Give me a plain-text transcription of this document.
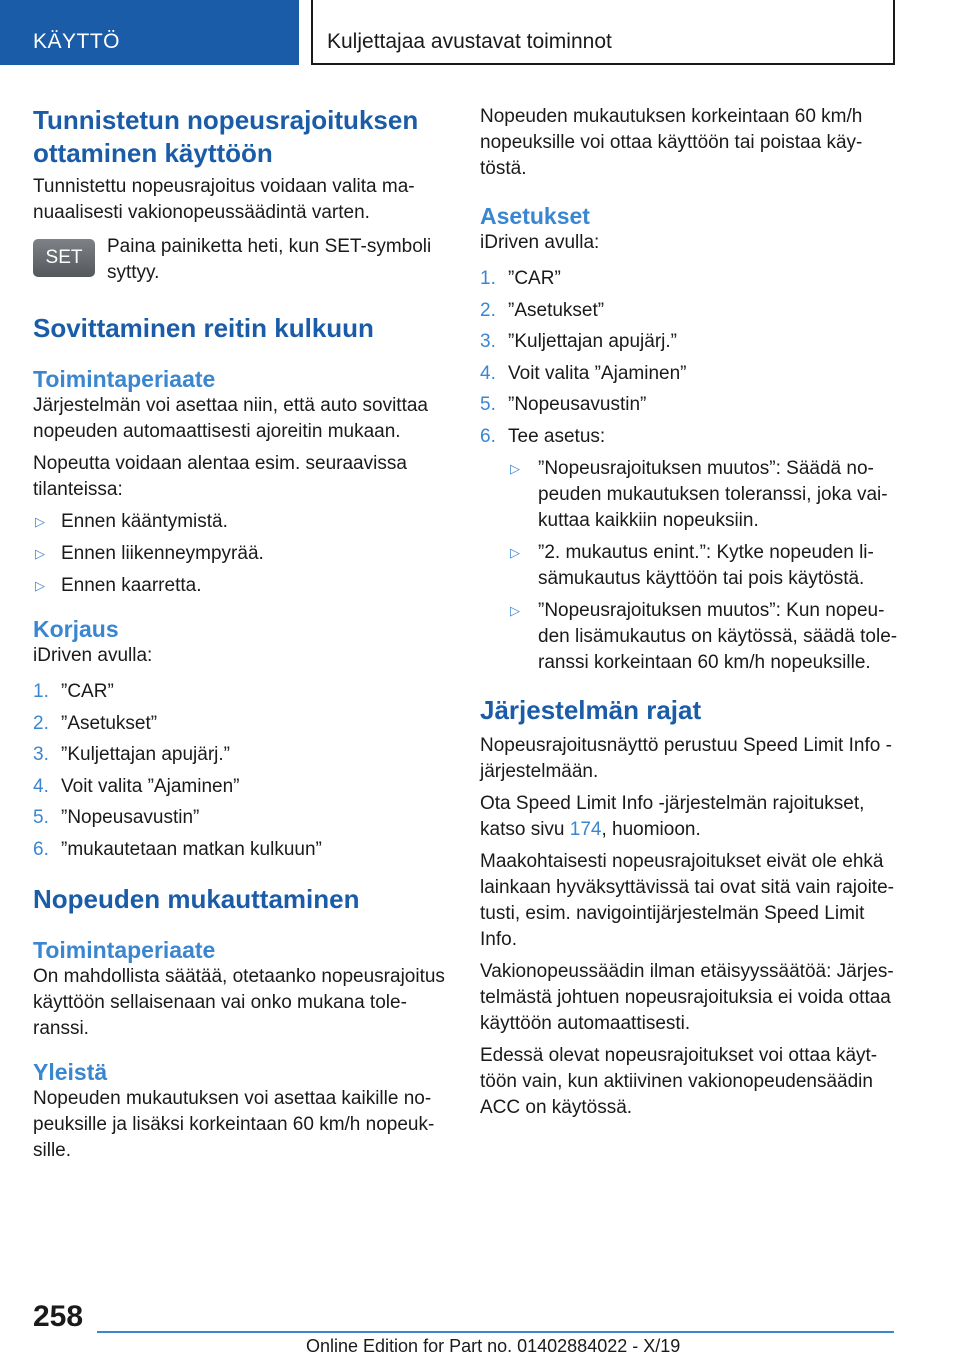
KÄYTTÖ	Kuljettajaa avustavat toiminnot
Tunnistetun nopeusrajoituksen ottaminen käyttöön

Tunnistettu nopeusrajoitus voidaan valita manuaalisesti vakionopeussäädintä varten.

SET
Paina painiketta heti, kun SET-symboli syttyy.
Sovittaminen reitin kulkuun
Toimintaperiaate

Järjestelmän voi asettaa niin, että auto sovittaa nopeuden automaattisesti ajoreitin mukaan.

Nopeutta voidaan alentaa esim. seuraavissa tilanteissa:

▷ Ennen kääntymistä.
▷ Ennen liikenneympyrää.
▷ Ennen kaarretta.
Korjaus

iDriven avulla:

1. ”CAR”
2. ”Asetukset”
3. ”Kuljettajan apujärj.”
4. Voit valita ”Ajaminen”
5. ”Nopeusavustin”
6. ”mukautetaan matkan kulkuun”
Nopeuden mukauttaminen
Toimintaperiaate

On mahdollista säätää, otetaanko nopeusrajoitus käyttöön sellaisenaan vai onko mukana toleranssi.

Yleistä

Nopeuden mukautuksen voi asettaa kaikille nopeuksille ja lisäksi korkeintaan 60 km/h nopeuksille.

Nopeuden mukautuksen korkeintaan 60 km/h nopeuksille voi ottaa käyttöön tai poistaa käytöstä.

Asetukset

iDriven avulla:

1. ”CAR”
2. ”Asetukset”
3. ”Kuljettajan apujärj.”
4. Voit valita ”Ajaminen”
5. ”Nopeusavustin”
6. Tee asetus:
▷ ”Nopeusrajoituksen muutos”: Säädä nopeuden mukautuksen toleranssi, joka vaikuttaa kaikkiin nopeuksiin.
▷ ”2. mukautus enint.”: Kytke nopeuden lisämukautus käyttöön tai pois käytöstä.
▷ ”Nopeusrajoituksen muutos”: Kun nopeuden lisämukautus on käytössä, säädä toleranssi korkeintaan 60 km/h nopeuksille.
Järjestelmän rajat

Nopeusrajoitusnäyttö perustuu Speed Limit Info -järjestelmään.

Ota Speed Limit Info -järjestelmän rajoitukset, katso sivu 174, huomioon.

Maakohtaisesti nopeusrajoitukset eivät ole ehkä lainkaan hyväksyttävissä tai ovat sitä vain rajoitetusti, esim. navigointijärjestelmän Speed Limit Info.

Vakionopeussäädin ilman etäisyyssäätöä: Järjestelmästä johtuen nopeusrajoituksia ei voida ottaa käyttöön automaattisesti.

Edessä olevat nopeusrajoitukset voi ottaa käyttöön vain, kun aktiivinen vakionopeudensäädin ACC on käytössä.

258
Online Edition for Part no. 01402884022 - X/19
